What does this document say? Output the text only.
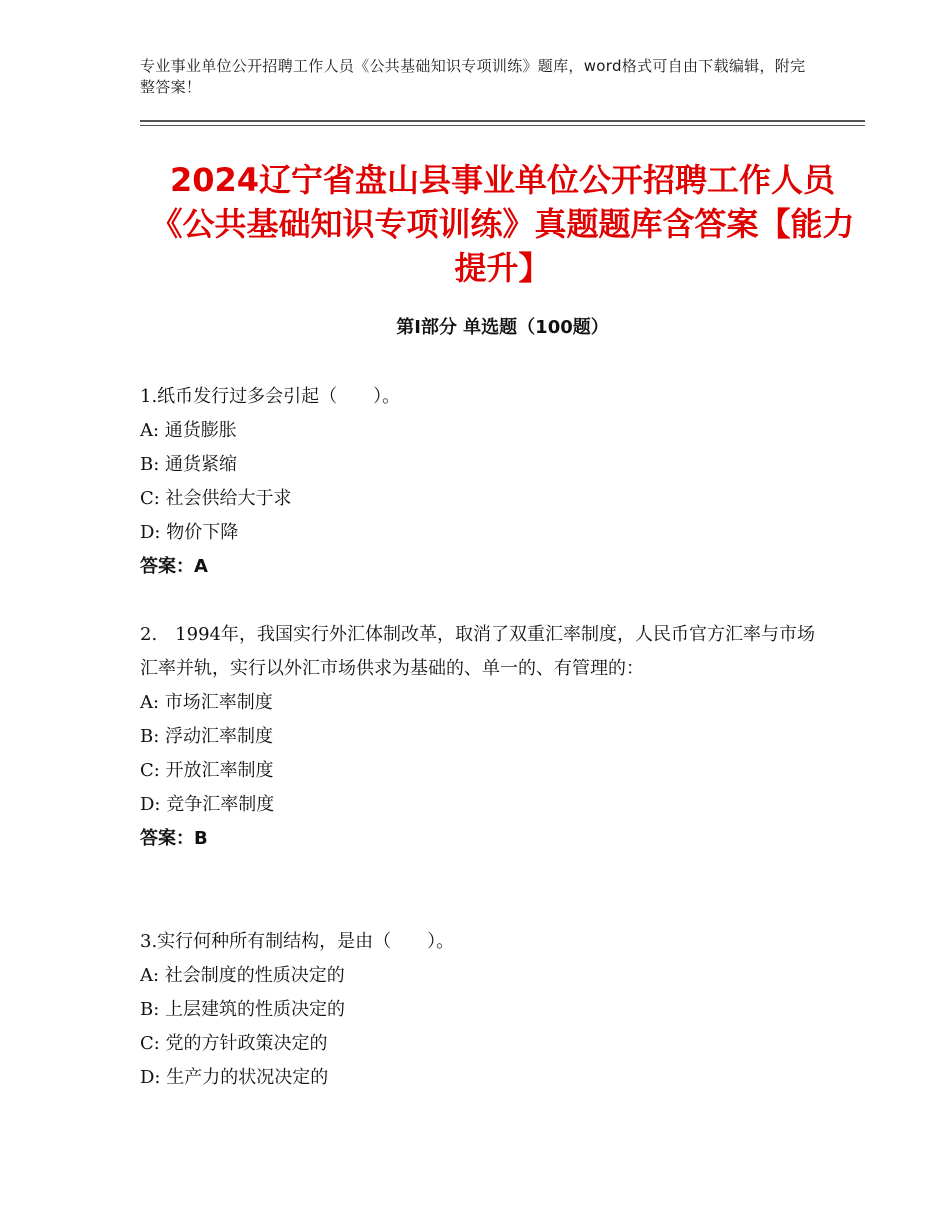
专业事业单位公开招聘工作人员《公共基础知识专项训练》题库，word格式可自由下载编辑，附完整答案！
2024辽宁省盘山县事业单位公开招聘工作人员《公共基础知识专项训练》真题题库含答案【能力提升】
第Ⅰ部分 单选题（100题）

1.纸币发行过多会引起（　　）。

A: 通货膨胀

B: 通货紧缩

C: 社会供给大于求

D: 物价下降

答案：A

2.　1994年，我国实行外汇体制改革，取消了双重汇率制度，人民币官方汇率与市场汇率并轨，实行以外汇市场供求为基础的、单一的、有管理的：

A: 市场汇率制度

B: 浮动汇率制度

C: 开放汇率制度

D: 竞争汇率制度

答案：B

3.实行何种所有制结构，是由（　　）。

A: 社会制度的性质决定的

B: 上层建筑的性质决定的

C: 党的方针政策决定的

D: 生产力的状况决定的
